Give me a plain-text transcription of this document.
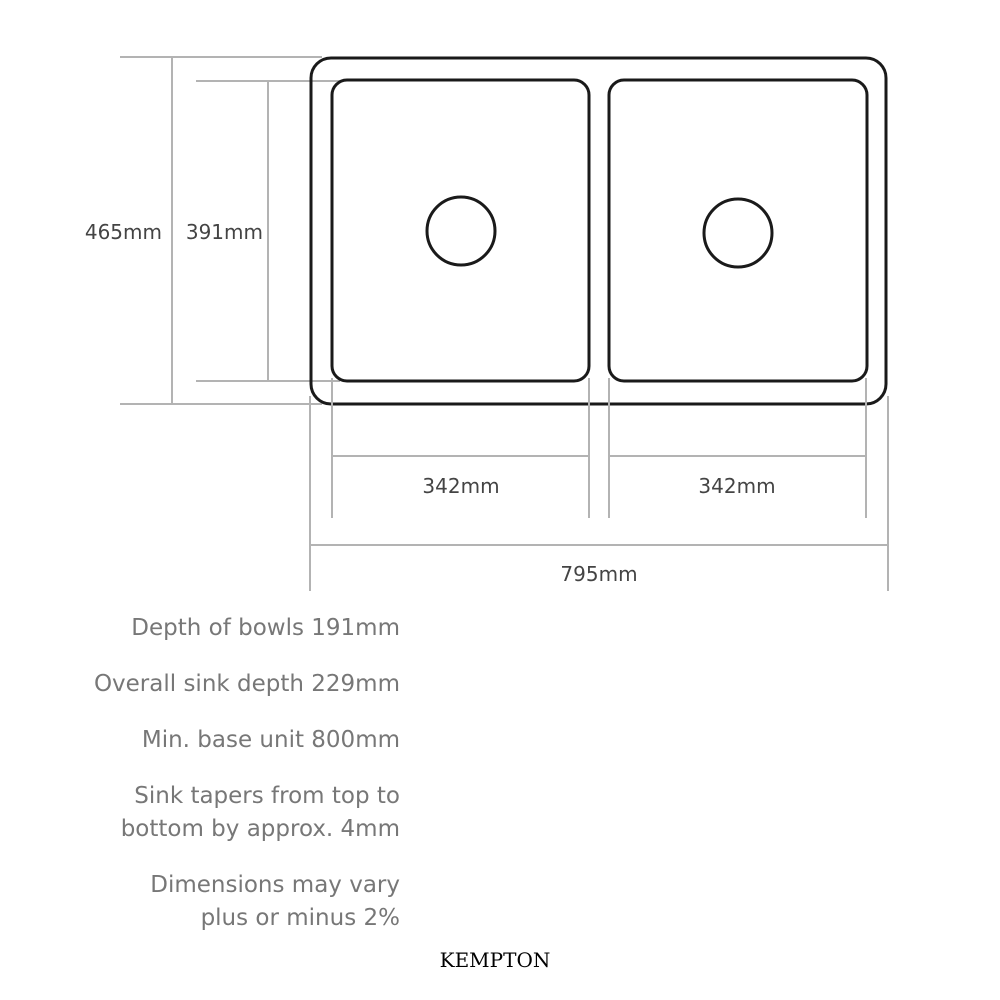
465mm 391mm
342mm	342mm
795mm

Depth of bowls 191mm

Overall sink depth 229mm

Min. base unit 800mm

Sink tapers from top to bottom by approx. 4mm

Dimensions may vary plus or minus 2%

KEMPTON
